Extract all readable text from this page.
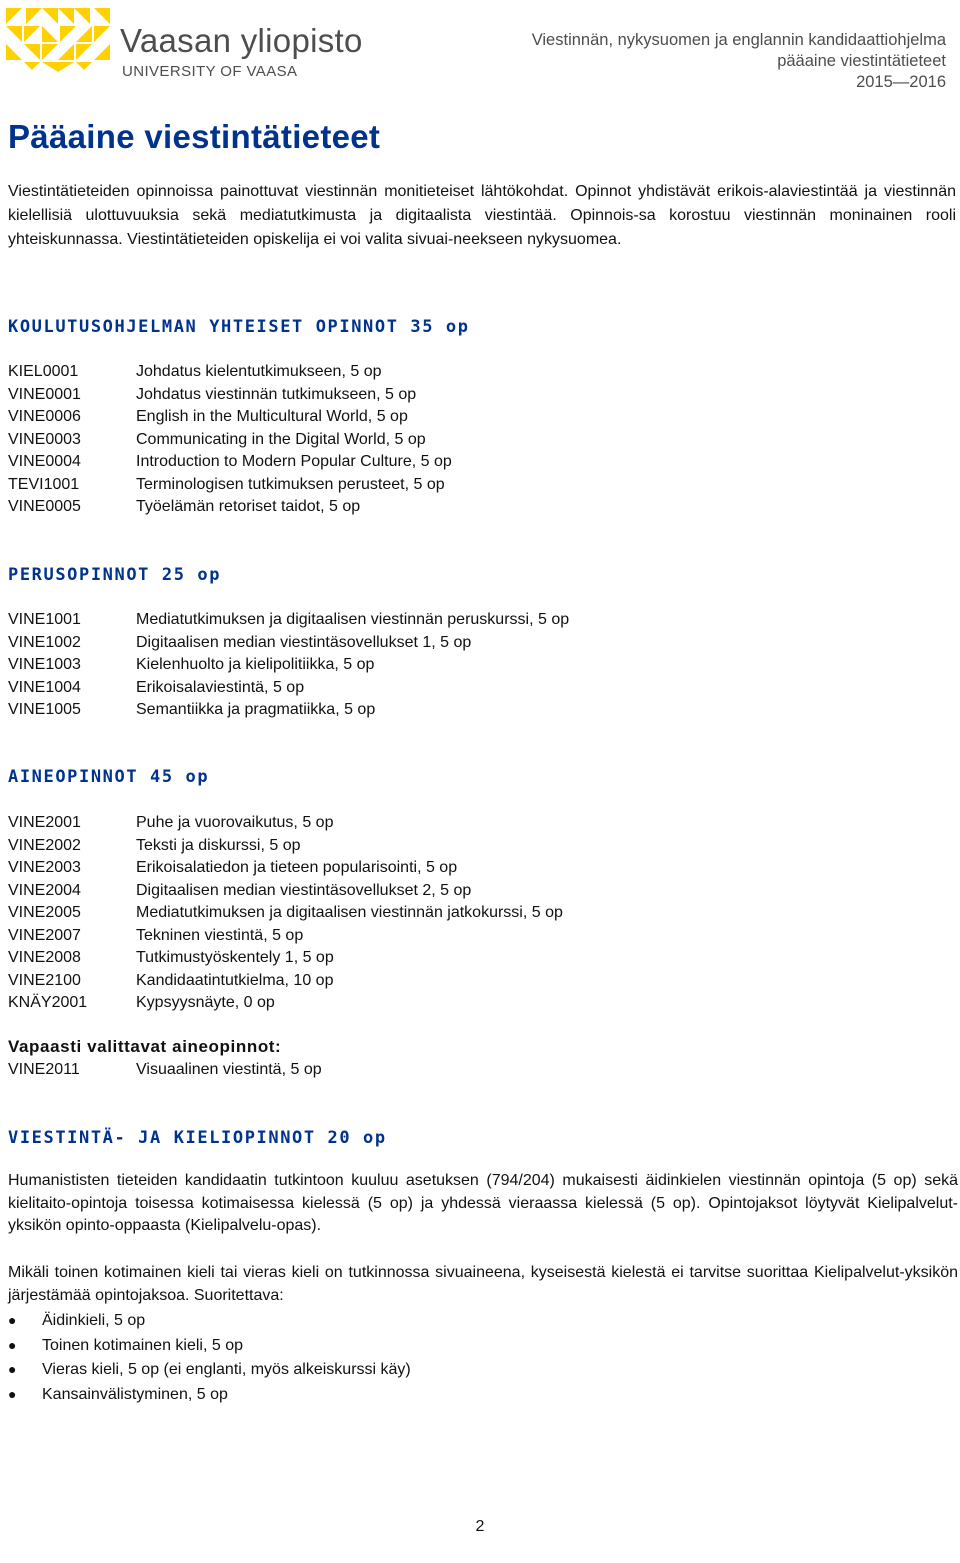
Vaasan yliopisto
UNIVERSITY OF VAASA
Viestinnän, nykysuomen ja englannin kandidaattiohjelma
pääaine viestintätieteet
2015—2016
Pääaine viestintätieteet

Viestintätieteiden opinnoissa painottuvat viestinnän monitieteiset lähtökohdat. Opinnot yhdistävät erikois-alaviestintää ja viestinnän kielellisiä ulottuvuuksia sekä mediatutkimusta ja digitaalista viestintää. Opinnois-sa korostuu viestinnän moninainen rooli yhteiskunnassa. Viestintätieteiden opiskelija ei voi valita sivuai-neekseen nykysuomea.

KOULUTUSOHJELMAN YHTEISET OPINNOT 35 op
KIEL0001	Johdatus kielentutkimukseen, 5 op
VINE0001	Johdatus viestinnän tutkimukseen, 5 op
VINE0006	English in the Multicultural World, 5 op
VINE0003	Communicating in the Digital World, 5 op
VINE0004	Introduction to Modern Popular Culture, 5 op
TEVI1001	Terminologisen tutkimuksen perusteet, 5 op
VINE0005	Työelämän retoriset taidot, 5 op
PERUSOPINNOT 25 op
VINE1001	Mediatutkimuksen ja digitaalisen viestinnän peruskurssi, 5 op
VINE1002	Digitaalisen median viestintäsovellukset 1, 5 op
VINE1003	Kielenhuolto ja kielipolitiikka, 5 op
VINE1004	Erikoisalaviestintä, 5 op
VINE1005	Semantiikka ja pragmatiikka, 5 op
AINEOPINNOT 45 op
VINE2001	Puhe ja vuorovaikutus, 5 op
VINE2002	Teksti ja diskurssi, 5 op
VINE2003	Erikoisalatiedon ja tieteen popularisointi, 5 op
VINE2004	Digitaalisen median viestintäsovellukset 2, 5 op
VINE2005	Mediatutkimuksen ja digitaalisen viestinnän jatkokurssi, 5 op
VINE2007	Tekninen viestintä, 5 op
VINE2008	Tutkimustyöskentely 1, 5 op
VINE2100	Kandidaatintutkielma, 10 op
KNÄY2001	Kypsyysnäyte, 0 op
Vapaasti valittavat aineopinnot:
VINE2011	Visuaalinen viestintä, 5 op
VIESTINTÄ- JA KIELIOPINNOT 20 op

Humanististen tieteiden kandidaatin tutkintoon kuuluu asetuksen (794/204) mukaisesti äidinkielen viestinnän opintoja (5 op) sekä kielitaito-opintoja toisessa kotimaisessa kielessä (5 op) ja yhdessä vieraassa kielessä (5 op). Opintojaksot löytyvät Kielipalvelut-yksikön opinto-oppaasta (Kielipalvelu-opas).

Mikäli toinen kotimainen kieli tai vieras kieli on tutkinnossa sivuaineena, kyseisestä kielestä ei tarvitse suorittaa Kielipalvelut-yksikön järjestämää opintojaksoa. Suoritettava:

● Äidinkieli, 5 op
● Toinen kotimainen kieli, 5 op
● Vieras kieli, 5 op (ei englanti, myös alkeiskurssi käy)
● Kansainvälistyminen, 5 op
2
